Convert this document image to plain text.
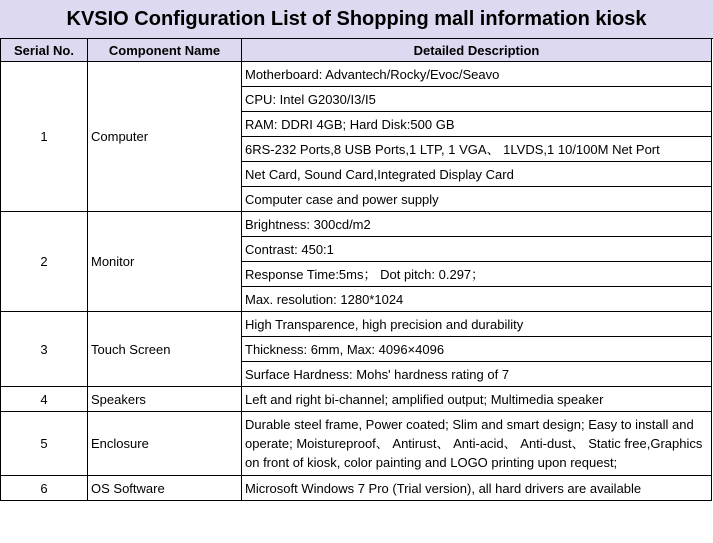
KVSIO Configuration List of Shopping mall information kiosk
Serial No.	Component Name	Detailed Description
1	Computer	Motherboard: Advantech/Rocky/Evoc/Seavo
		CPU: Intel G2030/I3/I5
		RAM: DDRI 4GB; Hard Disk:500 GB
		6RS-232 Ports,8 USB Ports,1 LTP, 1 VGA、 1LVDS,1 10/100M Net Port
		Net Card, Sound Card,Integrated Display Card
		Computer case and power supply
2	Monitor	Brightness: 300cd/m2
		Contrast: 450:1
		Response Time:5ms； Dot pitch: 0.297；
		Max. resolution: 1280*1024
3	Touch Screen	High Transparence, high precision and durability
		Thickness: 6mm, Max: 4096×4096
		Surface Hardness: Mohs' hardness rating of 7
4	Speakers	Left and right bi-channel; amplified output; Multimedia speaker
5	Enclosure	Durable steel frame, Power coated; Slim and smart design; Easy to install and operate; Moistureproof、 Antirust、 Anti-acid、 Anti-dust、 Static free,Graphics on front of kiosk, color painting and LOGO printing upon request;
6	OS Software	Microsoft Windows 7 Pro (Trial version), all hard drivers are available
